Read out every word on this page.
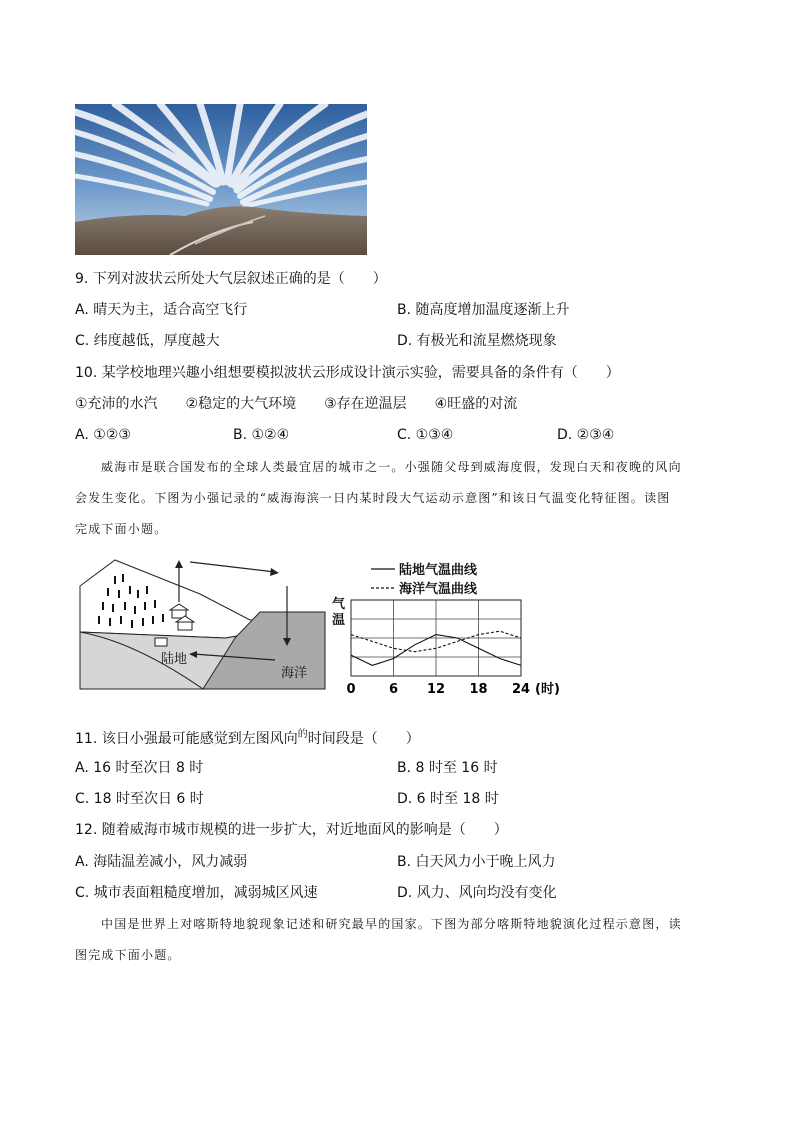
9. 下列对波状云所处大气层叙述正确的是（　　）
A. 晴天为主，适合高空飞行	B. 随高度增加温度逐渐上升
C. 纬度越低，厚度越大	D. 有极光和流星燃烧现象
10. 某学校地理兴趣小组想要模拟波状云形成设计演示实验，需要具备的条件有（　　）
①充沛的水汽　　②稳定的大气环境　　③存在逆温层　　④旺盛的对流
A. ①②③	B. ①②④	C. ①③④	D. ②③④
威海市是联合国发布的全球人类最宜居的城市之一。小强随父母到威海度假，发现白天和夜晚的风向
会发生变化。下图为小强记录的“威海海滨一日内某时段大气运动示意图”和该日气温变化特征图。读图
完成下面小题。
陆地
海洋
陆地气温曲线
海洋气温曲线
气
温
0	6 12 18 24 (时)
11. 该日小强最可能感觉到左图风向$^的$时间段是（　　）
A. 16 时至次日 8 时	B. 8 时至 16 时
C. 18 时至次日 6 时	D. 6 时至 18 时
12. 随着威海市城市规模的进一步扩大，对近地面风的影响是（　　）
A. 海陆温差减小，风力减弱	B. 白天风力小于晚上风力
C. 城市表面粗糙度增加，减弱城区风速	D. 风力、风向均没有变化
中国是世界上对喀斯特地貌现象记述和研究最早的国家。下图为部分喀斯特地貌演化过程示意图，读
图完成下面小题。
